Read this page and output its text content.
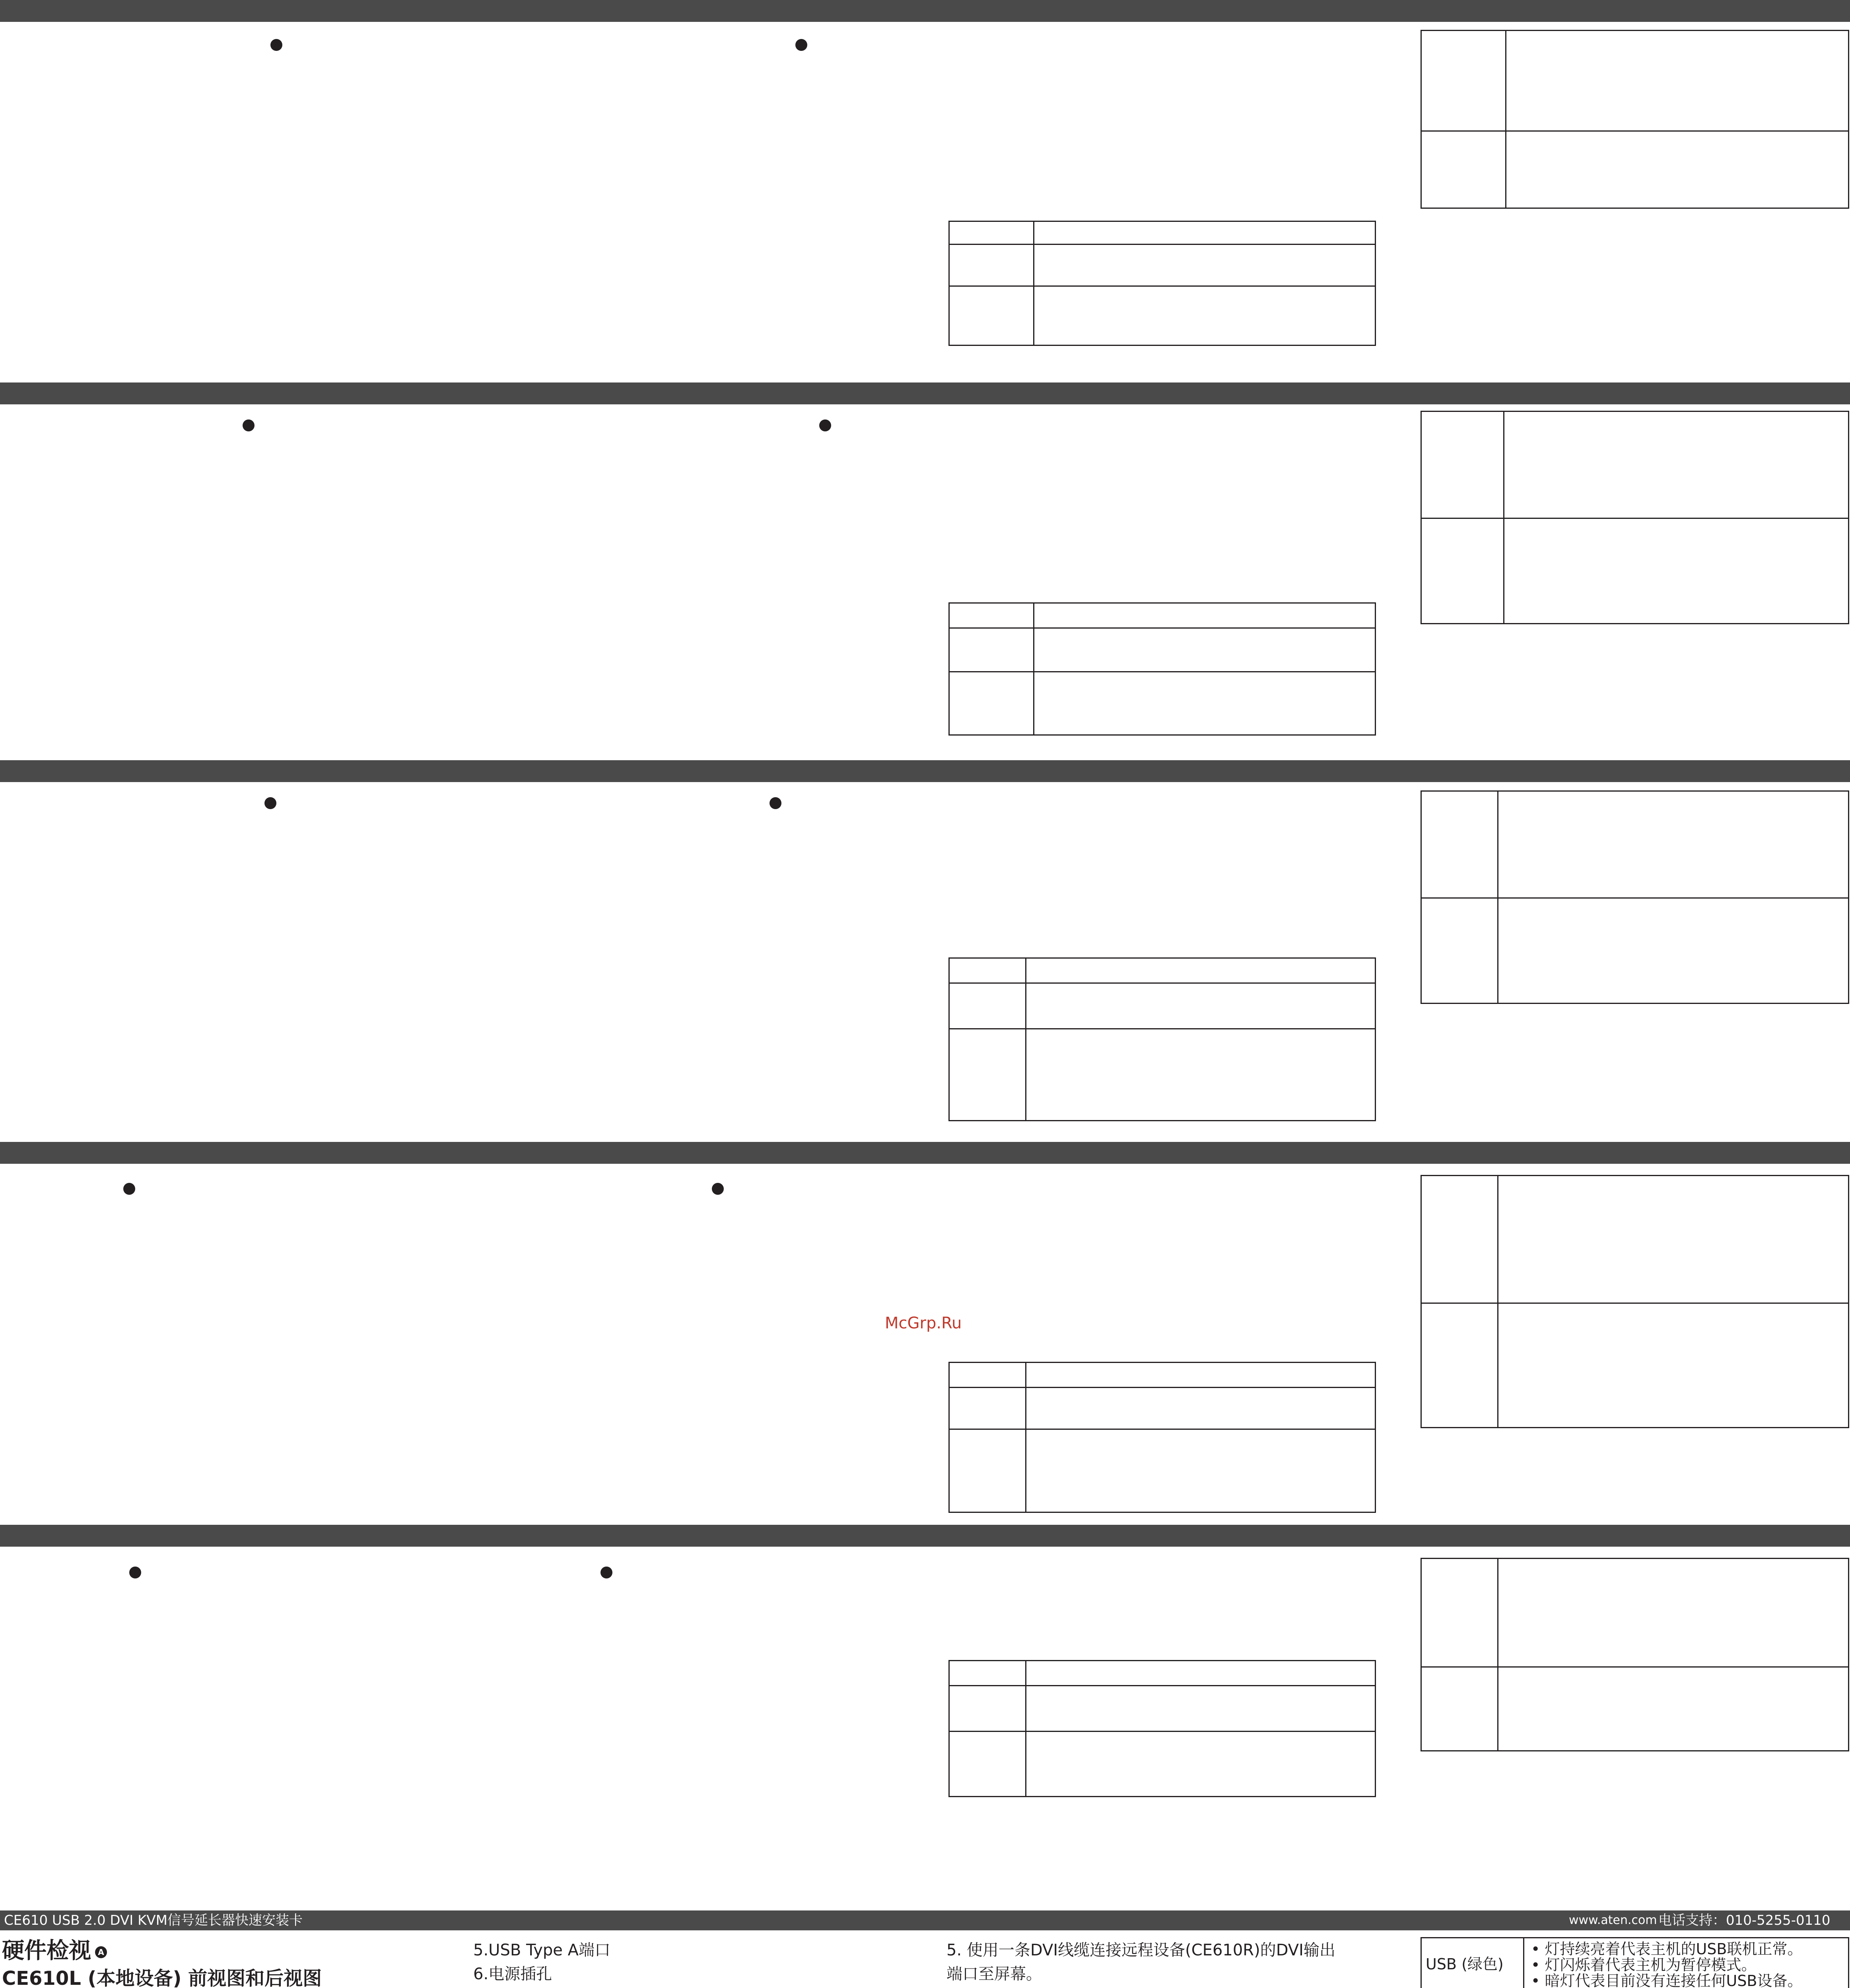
McGrp.Ru
CE610 USB 2.0 DVI KVM信号延长器快速安装卡	www.aten.com 电话支持：010-5255-0110
硬件检视 A
CE610L (本地设备) 前视图和后视图
5.USB Type A端口
6.电源插孔
5. 使用一条DVI线缆连接远程设备(CE610R)的DVI输出
端口至屏幕。
USB (绿色)
• 灯持续亮着代表主机的USB联机正常。
• 灯闪烁着代表主机为暂停模式。
• 暗灯代表目前没有连接任何USB设备。
